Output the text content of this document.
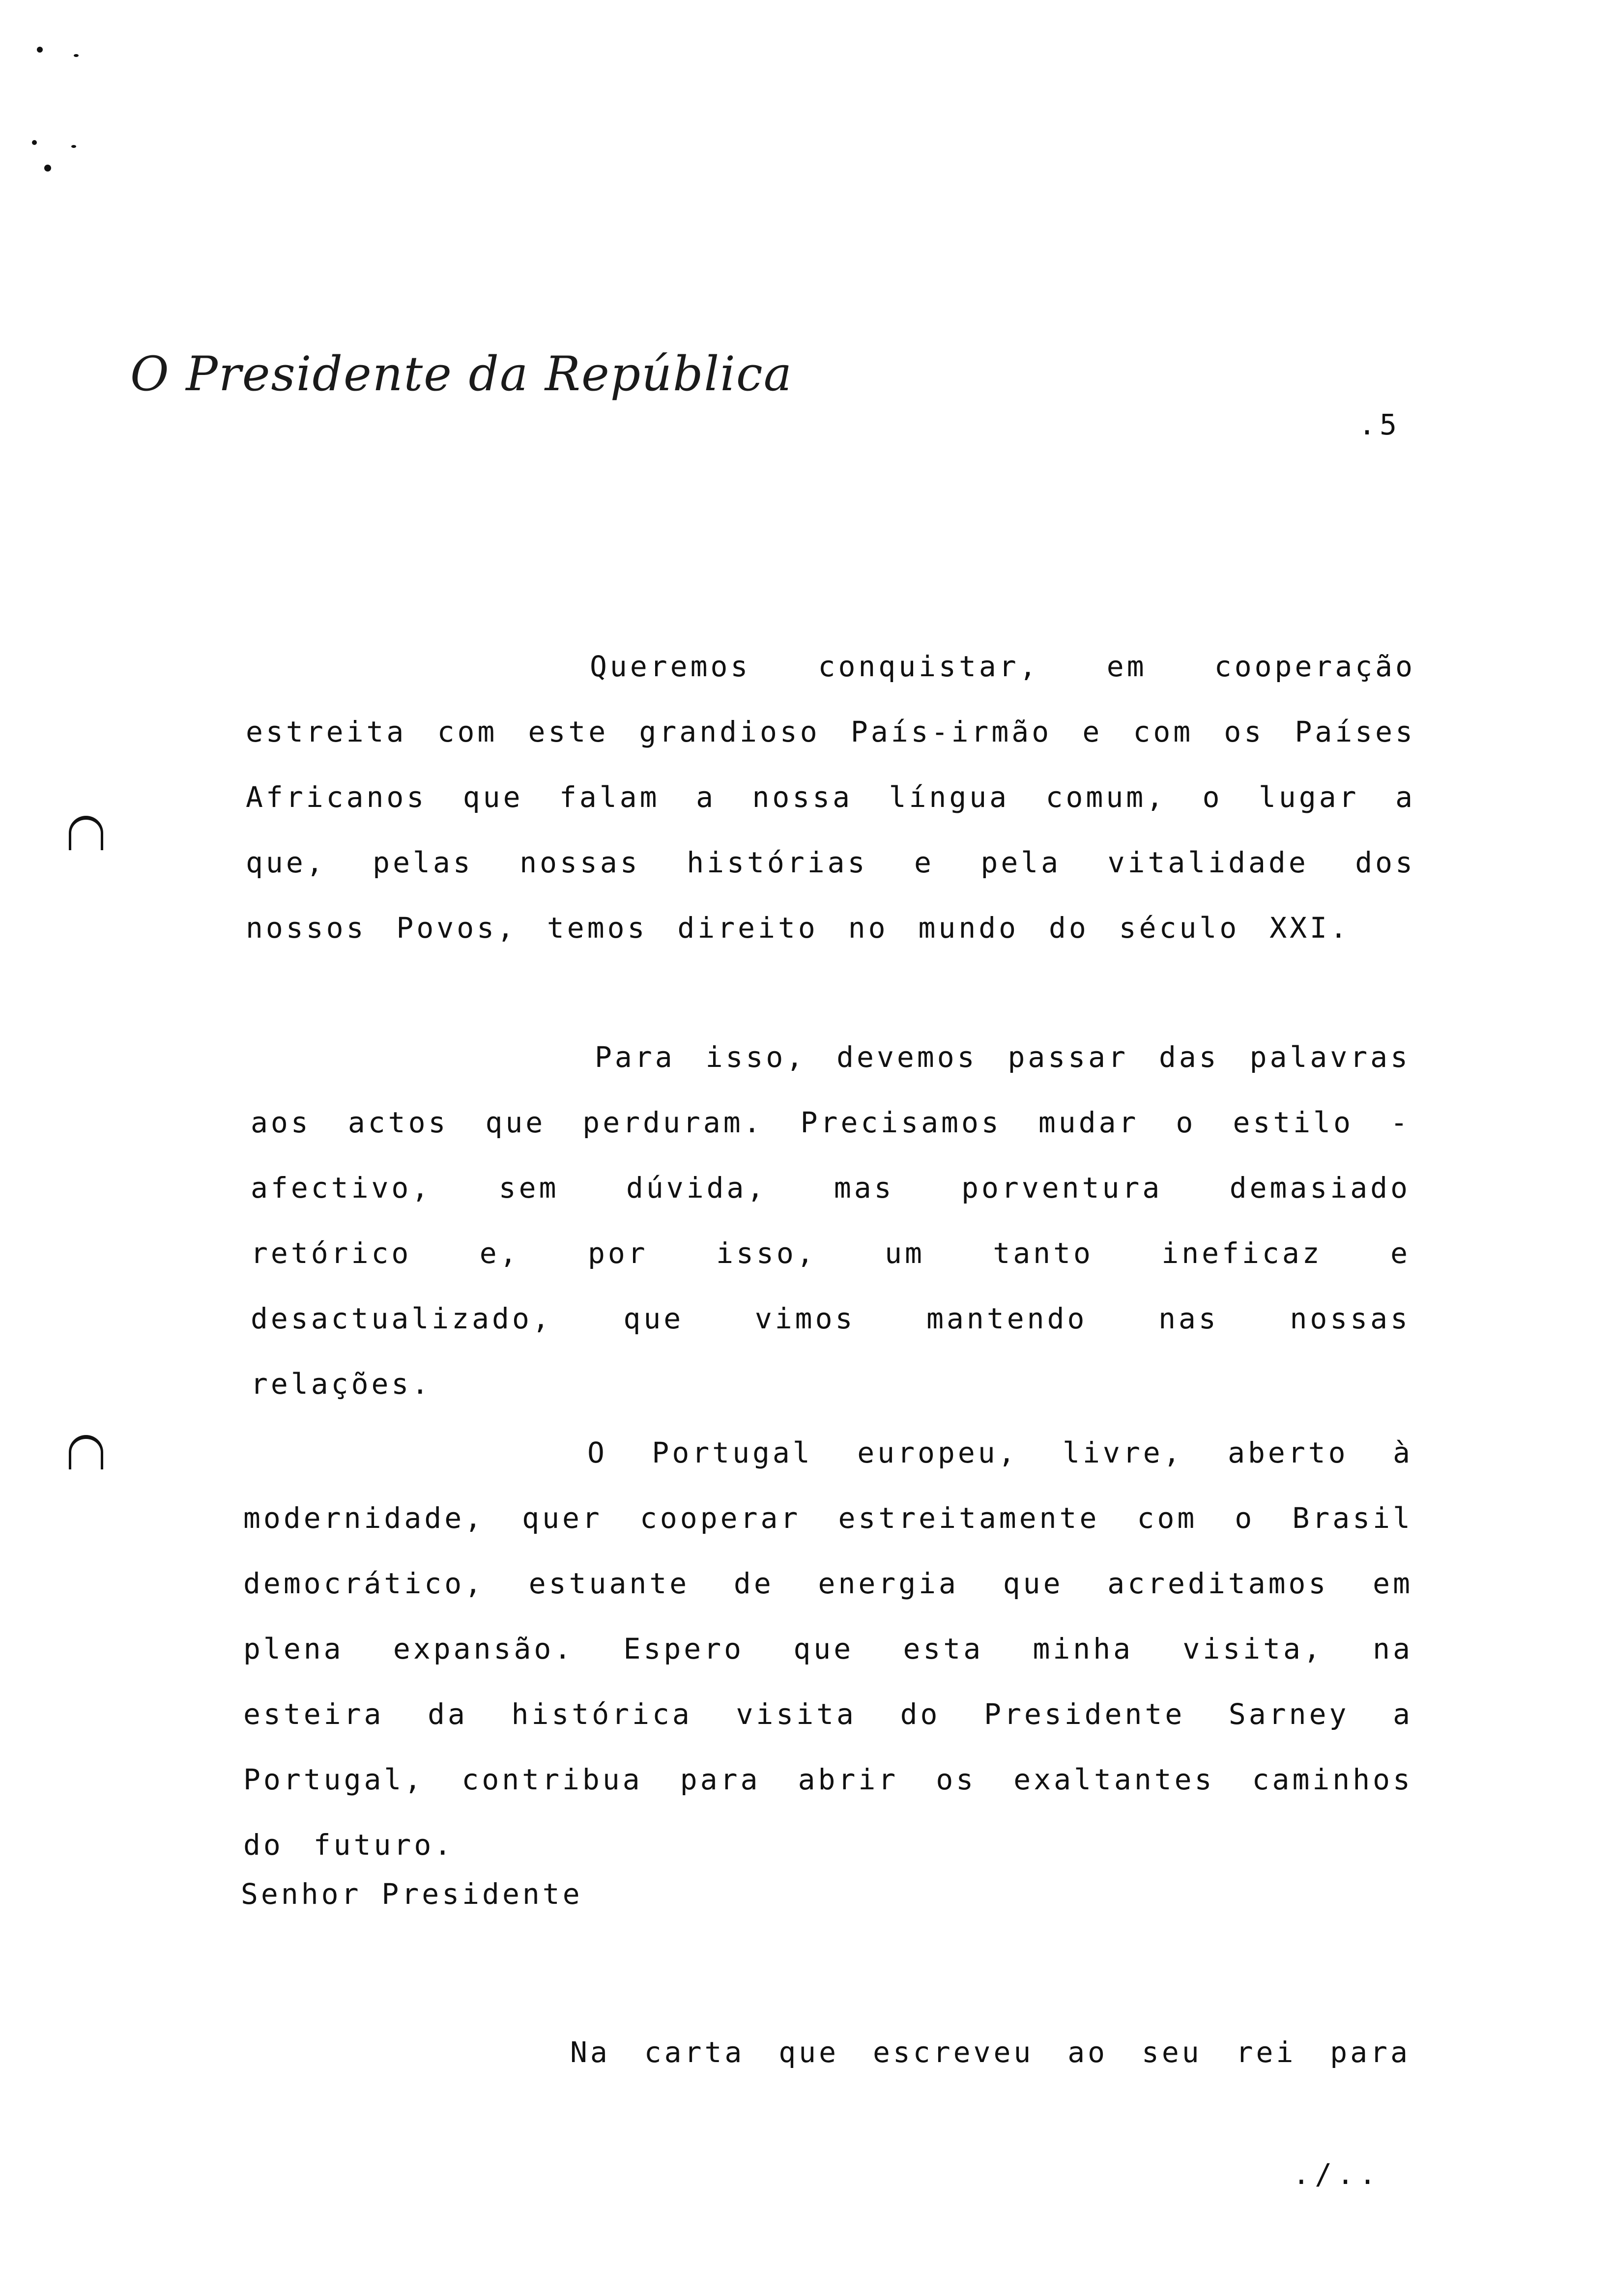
O Presidente da República
.5

Queremos conquistar, em cooperação estreita com este grandioso País-irmão e com os Países Africanos que falam a nossa língua comum, o lugar a que, pelas nossas histórias e pela vitalidade dos nossos Povos, temos direito no mundo do século XXI.

Para isso, devemos passar das palavras aos actos que perduram. Precisamos mudar o estilo - afectivo, sem dúvida, mas porventura demasiado retórico e, por isso, um tanto ineficaz e desactualizado, que vimos mantendo nas nossas relações.

O Portugal europeu, livre, aberto à modernidade, quer cooperar estreitamente com o Brasil democrático, estuante de energia que acreditamos em plena expansão. Espero que esta minha visita, na esteira da histórica visita do Presidente Sarney a Portugal, contribua para abrir os exaltantes caminhos do futuro.

Senhor Presidente

Na carta que escreveu ao seu rei para

./..
